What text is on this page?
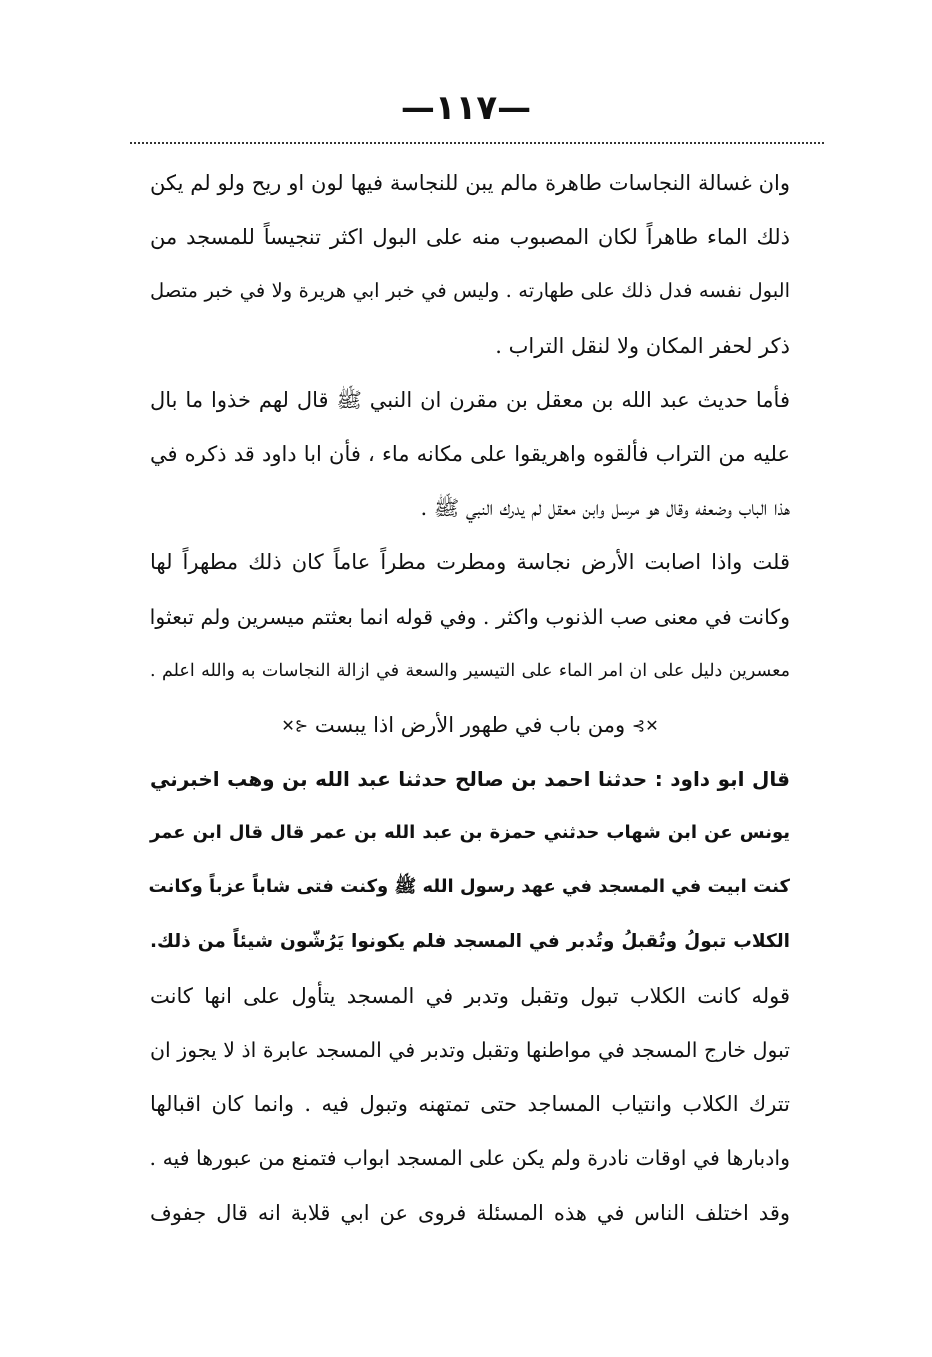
—١١٧—
وان غسالة النجاسات طاهرة مالم يبن للنجاسة فيها لون او ريح ولو لم يكن
ذلك الماء طاهراً لكان المصبوب منه على البول اكثر تنجيساً للمسجد من
البول نفسه فدل ذلك على طهارته . وليس في خبر ابي هريرة ولا في خبر متصل
ذكر لحفر المكان ولا لنقل التراب .
فأما حديث عبد الله بن معقل بن مقرن ان النبي ﷺ قال لهم خذوا ما بال
عليه من التراب فألقوه واهريقوا على مكانه ماء ، فأن ابا داود قد ذكره في
هذا الباب وضعفه وقال هو مرسل وابن معقل لم يدرك النبي ﷺ .
قلت واذا اصابت الأرض نجاسة ومطرت مطراً عاماً كان ذلك مطهراً لها
وكانت في معنى صب الذنوب واكثر . وفي قوله انما بعثتم ميسرين ولم تبعثوا
معسرين دليل على ان امر الماء على التيسير والسعة في ازالة النجاسات به والله اعلم .
✕⊱ ومن باب في طهور الأرض اذا يبست ⊰✕
قال ابو داود : حدثنا احمد بن صالح حدثنا عبد الله بن وهب اخبرني
يونس عن ابن شهاب حدثني حمزة بن عبد الله بن عمر قال قال ابن عمر
كنت ابيت في المسجد في عهد رسول الله ﷺ وكنت فتى شاباً عزباً وكانت
الكلاب تبولُ وتُقبلُ وتُدبر في المسجد فلم يكونوا يَرُشّون شيئاً من ذلك.
قوله كانت الكلاب تبول وتقبل وتدبر في المسجد يتأول على انها كانت
تبول خارج المسجد في مواطنها وتقبل وتدبر في المسجد عابرة اذ لا يجوز ان
تترك الكلاب وانتياب المساجد حتى تمتهنه وتبول فيه . وانما كان اقبالها
وادبارها في اوقات نادرة ولم يكن على المسجد ابواب فتمنع من عبورها فيه .
وقد اختلف الناس في هذه المسئلة فروى عن ابي قلابة انه قال جفوف
